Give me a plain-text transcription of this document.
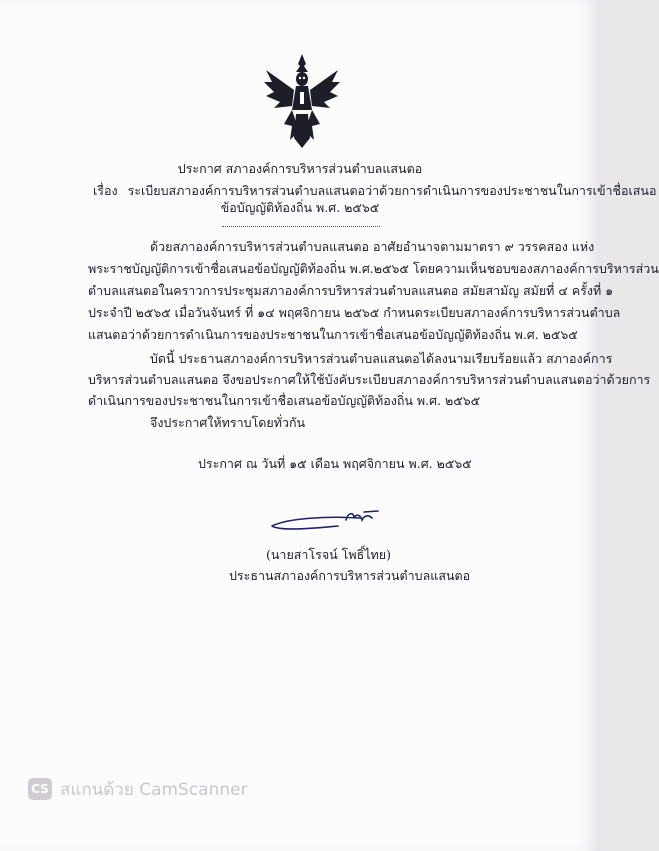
ประกาศ สภาองค์การบริหารส่วนตำบลแสนตอ
เรื่อง ระเบียบสภาองค์การบริหารส่วนตำบลแสนตอว่าด้วยการดำเนินการของประชาชนในการเข้าชื่อเสนอ
ข้อบัญญัติท้องถิ่น พ.ศ. ๒๕๖๕
ด้วยสภาองค์การบริหารส่วนตำบลแสนตอ อาศัยอำนาจตามมาตรา ๙ วรรคสอง แห่ง
พระราชบัญญัติการเข้าชื่อเสนอข้อบัญญัติท้องถิ่น พ.ศ.๒๕๖๕ โดยความเห็นชอบของสภาองค์การบริหารส่วน
ตำบลแสนตอในคราวการประชุมสภาองค์การบริหารส่วนตำบลแสนตอ สมัยสามัญ สมัยที่ ๔ ครั้งที่ ๑
ประจำปี ๒๕๖๕ เมื่อวันจันทร์ ที่ ๑๔ พฤศจิกายน ๒๕๖๕ กำหนดระเบียบสภาองค์การบริหารส่วนตำบล
แสนตอว่าด้วยการดำเนินการของประชาชนในการเข้าชื่อเสนอข้อบัญญัติท้องถิ่น พ.ศ. ๒๕๖๕
บัดนี้ ประธานสภาองค์การบริหารส่วนตำบลแสนตอได้ลงนามเรียบร้อยแล้ว สภาองค์การ
บริหารส่วนตำบลแสนตอ จึงขอประกาศให้ใช้บังคับระเบียบสภาองค์การบริหารส่วนตำบลแสนตอว่าด้วยการ
ดำเนินการของประชาชนในการเข้าชื่อเสนอข้อบัญญัติท้องถิ่น พ.ศ. ๒๕๖๕
จึงประกาศให้ทราบโดยทั่วกัน
ประกาศ ณ วันที่ ๑๕ เดือน พฤศจิกายน พ.ศ. ๒๕๖๕
(นายสาโรจน์ โพธิ์ไทย)
ประธานสภาองค์การบริหารส่วนตำบลแสนตอ
CS สแกนด้วย CamScanner
